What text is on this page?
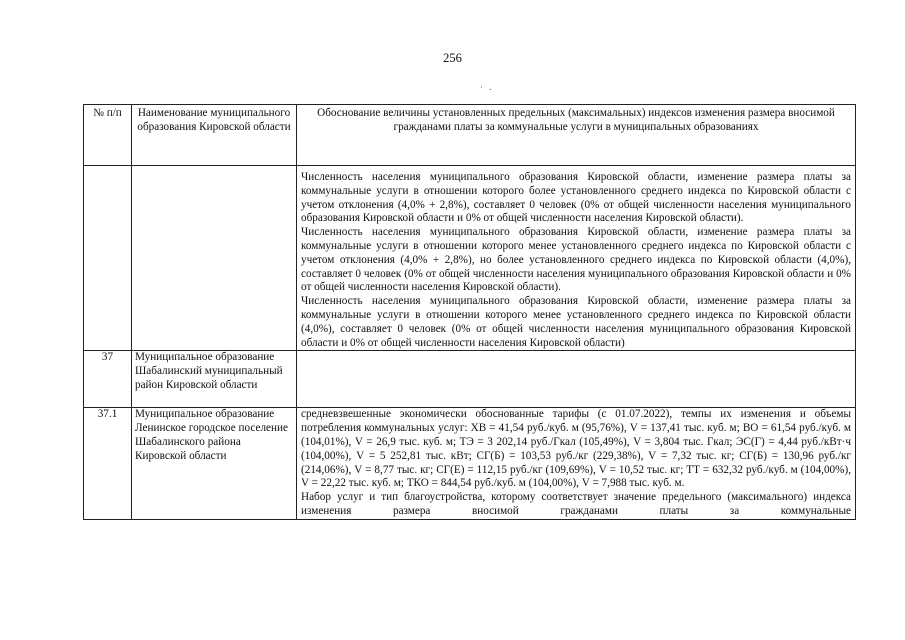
256
· .
№ п/п	Наименование муниципального образования Кировской области	Обоснование величины установленных предельных (максимальных) индексов изменения размера вносимой гражданами платы за коммунальные услуги в муниципальных образованиях

		Численность населения муниципального образования Кировской области, изменение размера платы за коммунальные услуги в отношении которого более установленного среднего индекса по Кировской области с учетом отклонения (4,0% + 2,8%), составляет 0 человек (0% от общей численности населения муниципального образования Кировской области и 0% от общей численности населения Кировской области).

Численность населения муниципального образования Кировской области, изменение размера платы за коммунальные услуги в отношении которого менее установленного среднего индекса по Кировской области с учетом отклонения (4,0% + 2,8%), но более установленного среднего индекса по Кировской области (4,0%), составляет 0 человек (0% от общей численности населения муниципального образования Кировской области и 0% от общей численности населения Кировской области).

Численность населения муниципального образования Кировской области, изменение размера платы за коммунальные услуги в отношении которого менее установленного среднего индекса по Кировской области (4,0%), составляет 0 человек (0% от общей численности населения муниципального образования Кировской области и 0% от общей численности населения Кировской области)

37	Муниципальное образование Шабалинский муниципальный район Кировской области	
37.1	Муниципальное образование Ленинское городское поселение Шабалинского района Кировской области	средневзвешенные экономически обоснованные тарифы (с 01.07.2022), темпы их изменения и объемы потребления коммунальных услуг: ХВ = 41,54 руб./куб. м (95,76%), V = 137,41 тыс. куб. м; ВО = 61,54 руб./куб. м (104,01%), V = 26,9 тыс. куб. м; ТЭ = 3 202,14 руб./Гкал (105,49%), V = 3,804 тыс. Гкал; ЭС(Г) = 4,44 руб./кВт·ч (104,00%), V = 5 252,81 тыс. кВт; СГ(Б) = 103,53 руб./кг (229,38%), V = 7,32 тыс. кг; СГ(Б) = 130,96 руб./кг (214,06%), V = 8,77 тыс. кг; СГ(Е) = 112,15 руб./кг (109,69%), V = 10,52 тыс. кг; ТТ = 632,32 руб./куб. м (104,00%), V = 22,22 тыс. куб. м; ТКО = 844,54 руб./куб. м (104,00%), V = 7,988 тыс. куб. м.

Набор услуг и тип благоустройства, которому соответствует значение предельного (максимального) индекса изменения размера вносимой гражданами платы за коммунальные
